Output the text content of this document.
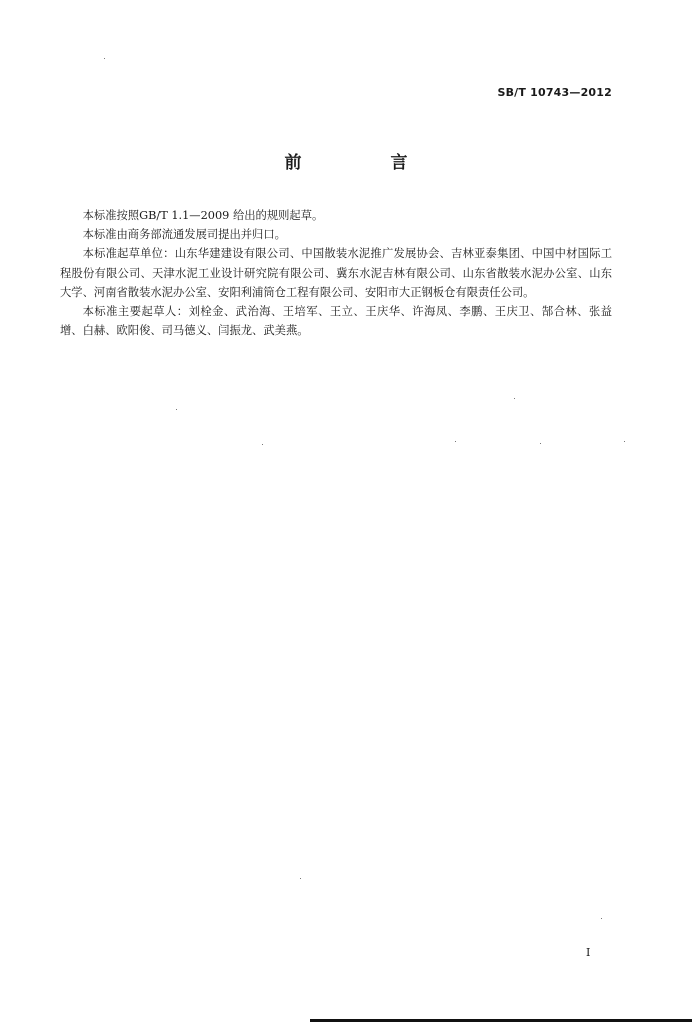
SB/T 10743—2012
前　言

本标准按照GB/T 1.1—2009 给出的规则起草。

本标准由商务部流通发展司提出并归口。

本标准起草单位：山东华建建设有限公司、中国散装水泥推广发展协会、吉林亚泰集团、中国中材国际工程股份有限公司、天津水泥工业设计研究院有限公司、冀东水泥吉林有限公司、山东省散装水泥办公室、山东大学、河南省散装水泥办公室、安阳利浦筒仓工程有限公司、安阳市大正钢板仓有限责任公司。

本标准主要起草人：刘栓金、武治海、王培军、王立、王庆华、许海凤、李鹏、王庆卫、郜合林、张益增、白赫、欧阳俊、司马德义、闫振龙、武美燕。

I
